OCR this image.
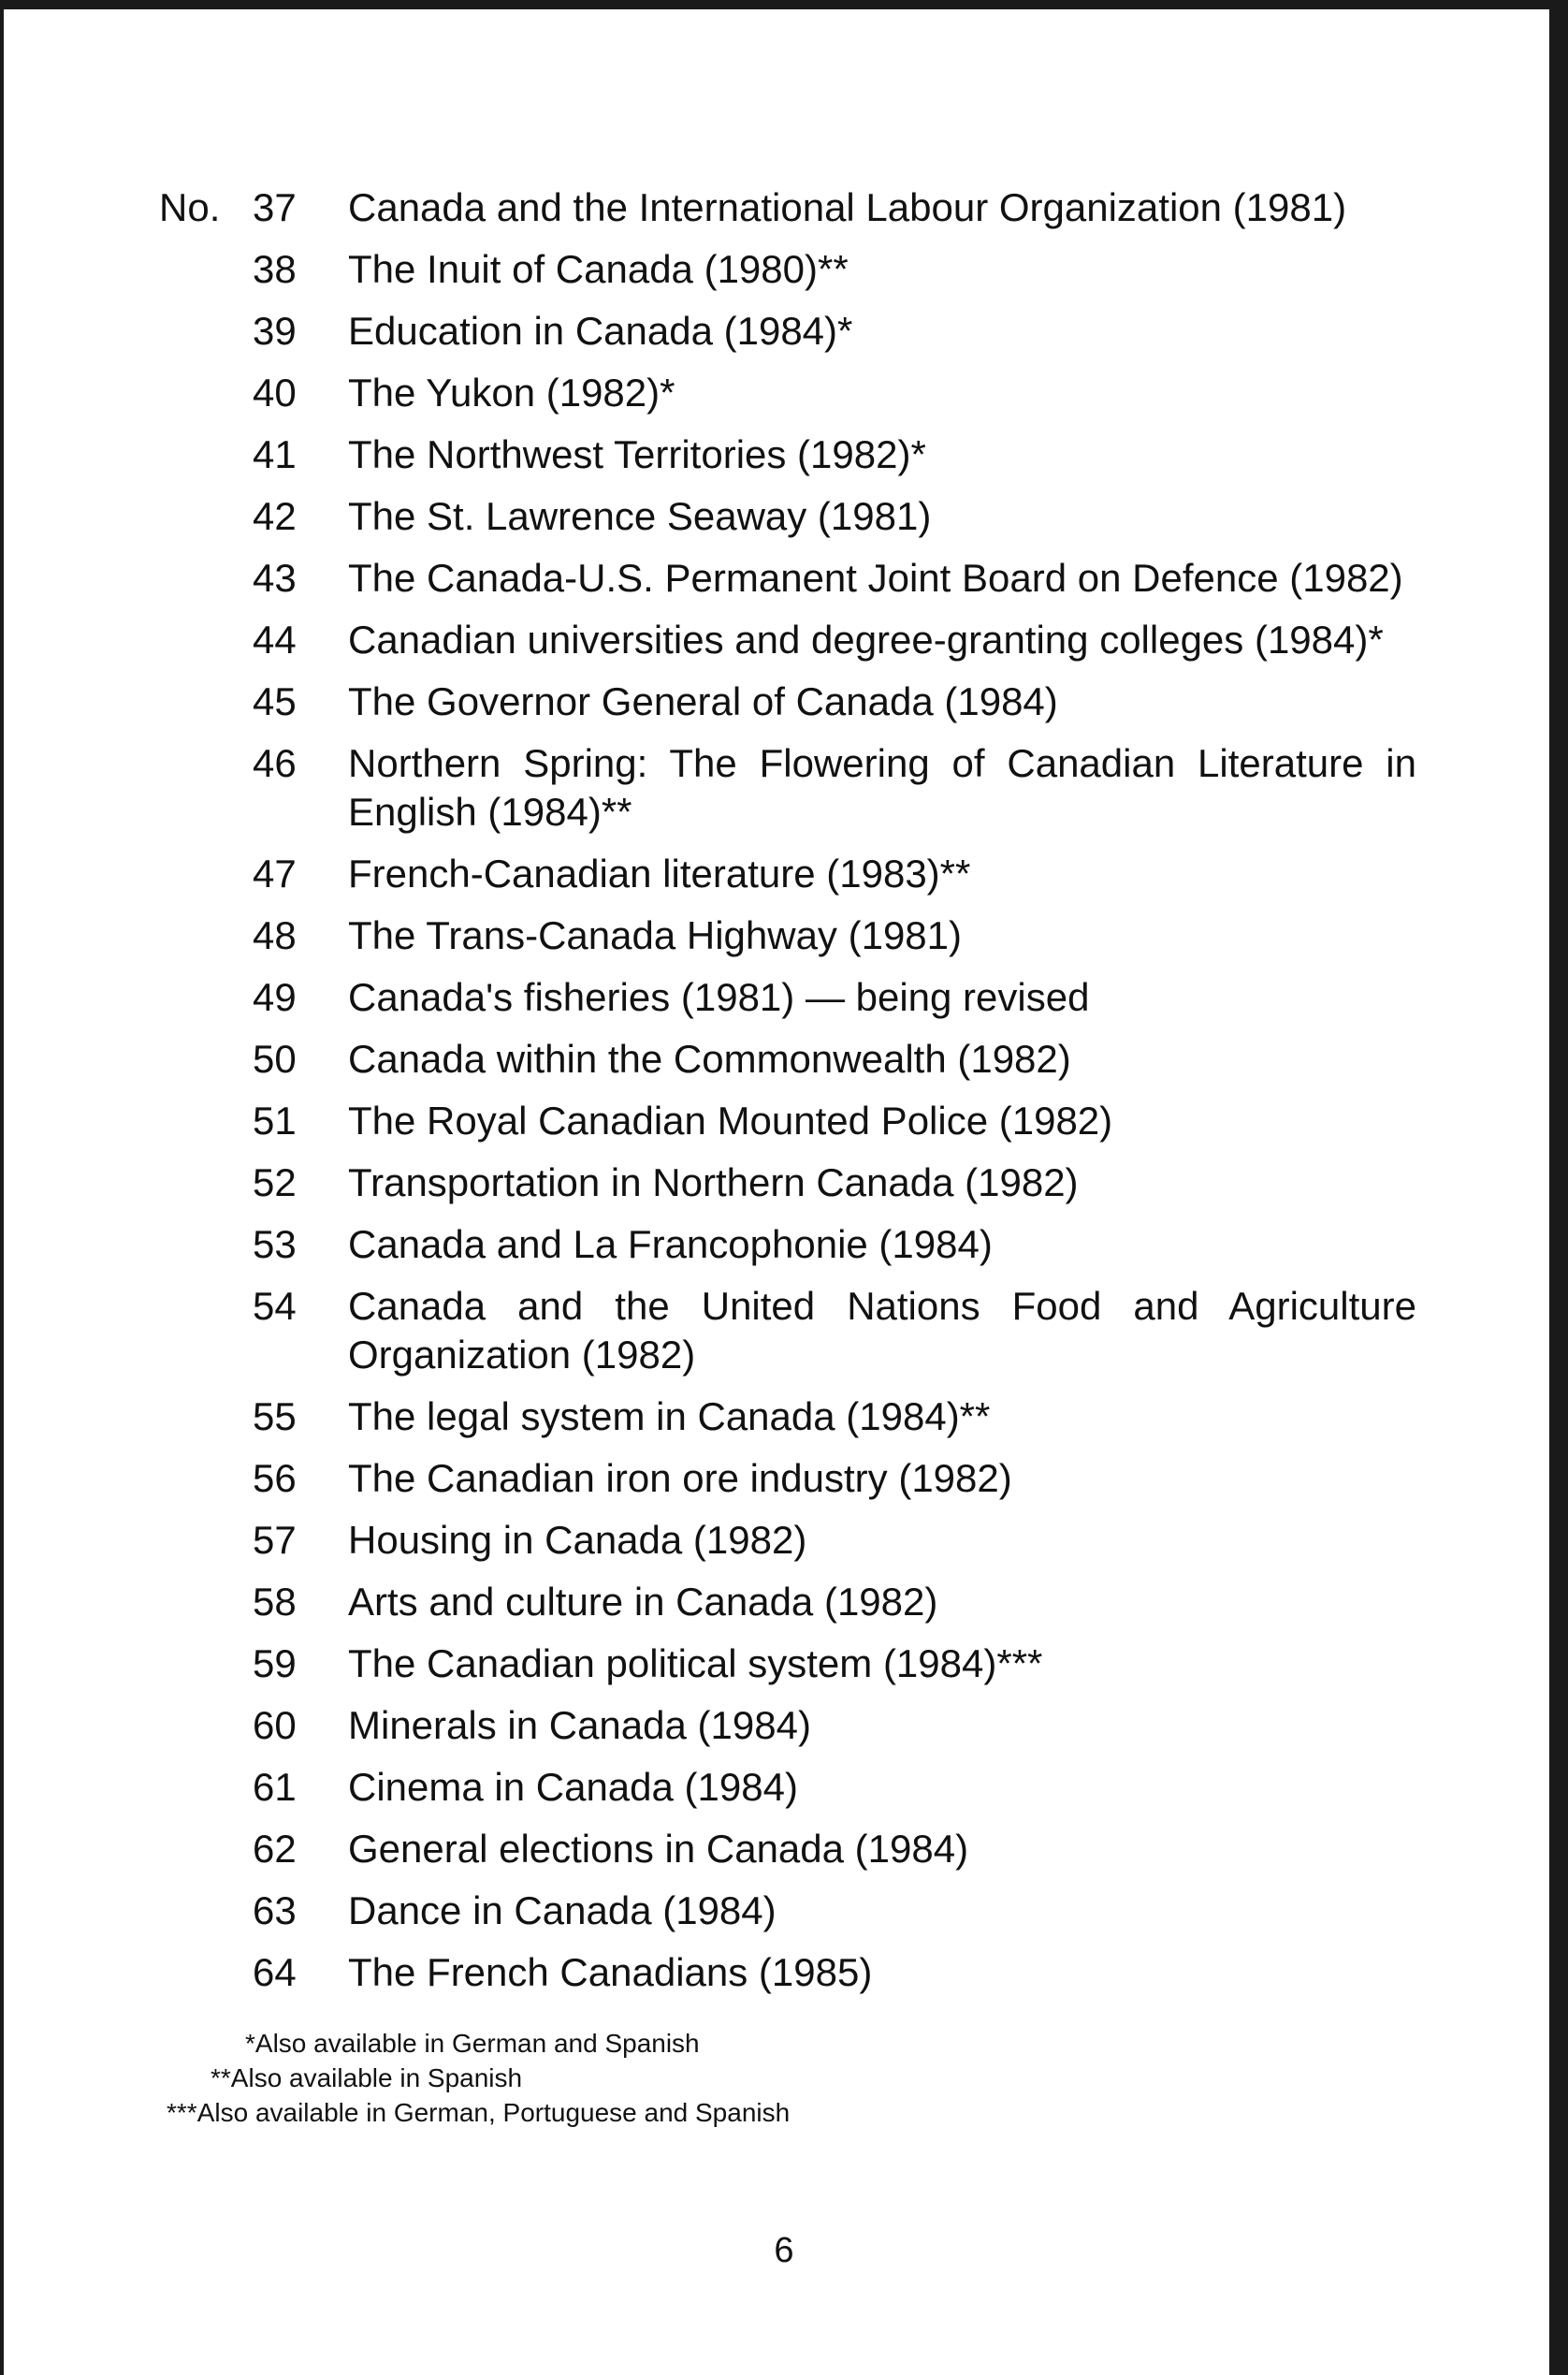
No. 37	Canada and the International Labour Organization (1981)
38	The Inuit of Canada (1980)**
39	Education in Canada (1984)*
40	The Yukon (1982)*
41	The Northwest Territories (1982)*
42	The St. Lawrence Seaway (1981)
43	The Canada-U.S. Permanent Joint Board on Defence (1982)
44	Canadian universities and degree-granting colleges (1984)*
45	The Governor General of Canada (1984)
46	Northern Spring: The Flowering of Canadian Literature in English (1984)**
47	French-Canadian literature (1983)**
48	The Trans-Canada Highway (1981)
49	Canada's fisheries (1981) — being revised
50	Canada within the Commonwealth (1982)
51	The Royal Canadian Mounted Police (1982)
52	Transportation in Northern Canada (1982)
53	Canada and La Francophonie (1984)
54	Canada and the United Nations Food and Agriculture Organization (1982)
55	The legal system in Canada (1984)**
56	The Canadian iron ore industry (1982)
57	Housing in Canada (1982)
58	Arts and culture in Canada (1982)
59	The Canadian political system (1984)***
60	Minerals in Canada (1984)
61	Cinema in Canada (1984)
62	General elections in Canada (1984)
63	Dance in Canada (1984)
64	The French Canadians (1985)
*Also available in German and Spanish
**Also available in Spanish
***Also available in German, Portuguese and Spanish
6
